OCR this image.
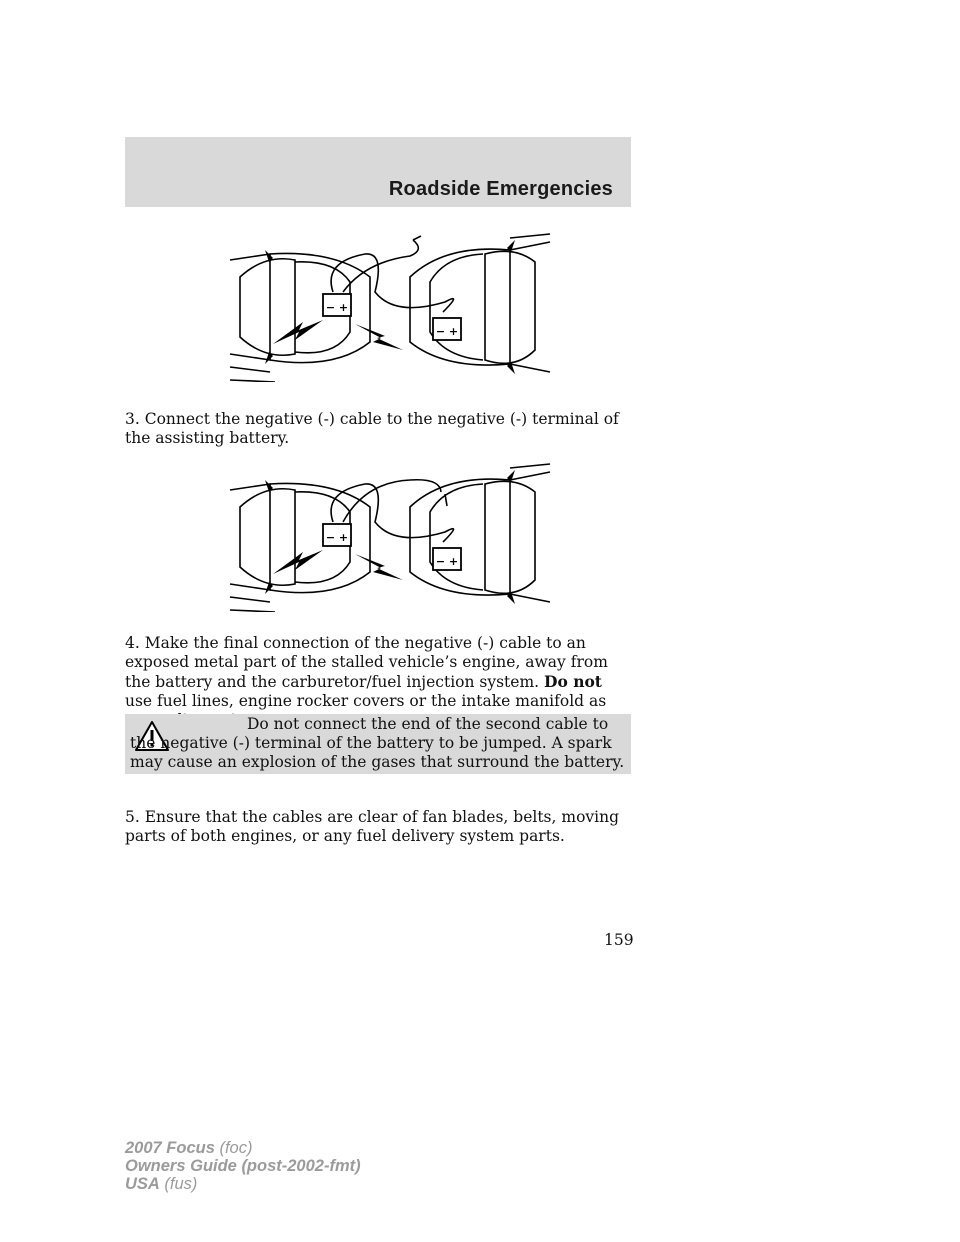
Roadside Emergencies
− +
− +

3. Connect the negative (-) cable to the negative (-) terminal of the assisting battery.

− +
− +

4. Make the final connection of the negative (-) cable to an exposed metal part of the stalled vehicle’s engine, away from the battery and the carburetor/fuel injection system. Do not use fuel lines, engine rocker covers or the intake manifold as

Do not connect the end of the second cable to the negative (-) terminal of the battery to be jumped. A spark may cause an explosion of the gases that surround the battery.

5. Ensure that the cables are clear of fan blades, belts, moving parts of both engines, or any fuel delivery system parts.

159
2007 Focus (foc)
Owners Guide (post-2002-fmt)
USA (fus)
